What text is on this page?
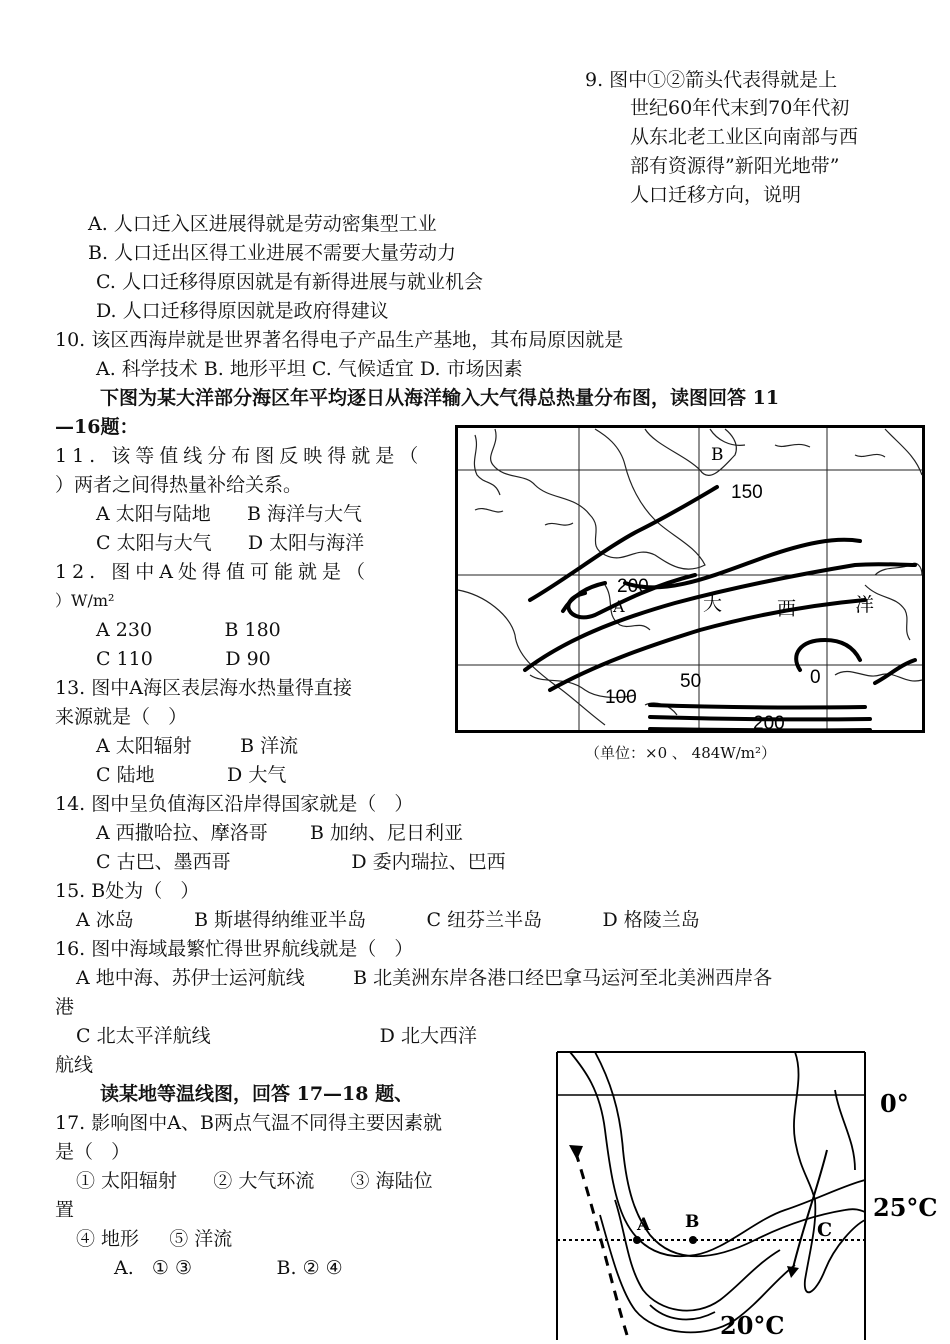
9. 图中①②箭头代表得就是上
世纪60年代末到70年代初
从东北老工业区向南部与西
部有资源得”新阳光地带”
人口迁移方向，说明
A. 人口迁入区进展得就是劳动密集型工业
B. 人口迁出区得工业进展不需要大量劳动力
C. 人口迁移得原因就是有新得进展与就业机会
D. 人口迁移得原因就是政府得建议
10. 该区西海岸就是世界著名得电子产品生产基地，其布局原因就是
A. 科学技术 B. 地形平坦 C. 气候适宜 D. 市场因素
下图为某大洋部分海区年平均逐日从海洋输入大气得总热量分布图，读图回答 11
—16题：
11. 该等值线分布图反映得就是（
）两者之间得热量补给关系。
A 太阳与陆地      B 海洋与大气
C 太阳与大气      D 太阳与海洋
12. 图中A处得值可能就是（
）W/m²
A 230            B 180
C 110            D 90
13. 图中A海区表层海水热量得直接
来源就是（   ）
A 太阳辐射        B 洋流
C 陆地            D 大气
14. 图中呈负值海区沿岸得国家就是（   ）
A 西撒哈拉、摩洛哥       B 加纳、尼日利亚
C 古巴、墨西哥                    D 委内瑞拉、巴西
15. B处为（   ）
A 冰岛          B 斯堪得纳维亚半岛          C 纽芬兰半岛          D 格陵兰岛
16. 图中海域最繁忙得世界航线就是（   ）
A 地中海、苏伊士运河航线        B 北美洲东岸各港口经巴拿马运河至北美洲西岸各
港
C 北太平洋航线                            D 北大西洋
航线
读某地等温线图，回答 17—18 题、
17. 影响图中A、B两点气温不同得主要因素就
是（   ）
① 太阳辐射      ② 大气环流      ③ 海陆位
置
④ 地形     ⑤ 洋流
A.   ① ③              B. ② ④
150
200
50	0
100
200
A
B
大	西	洋
（单位：×0 、 484W/m²）
A B	C
0°
25°C
20°C
